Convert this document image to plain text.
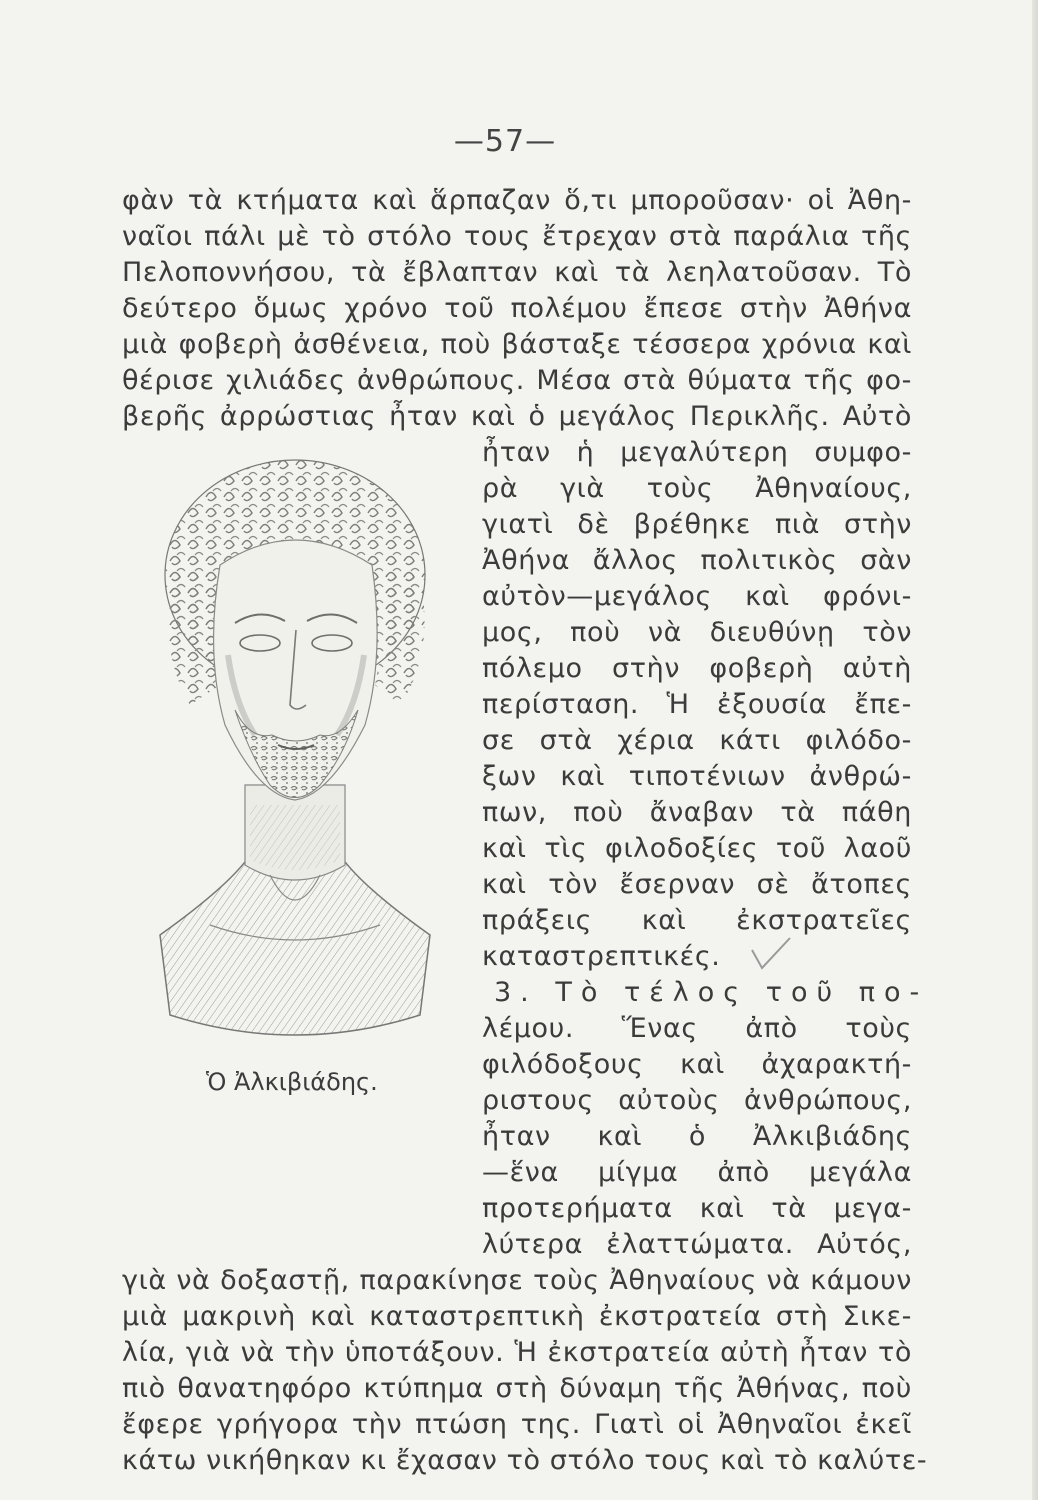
—57—
φὰν τὰ κτήματα καὶ ἅρπαζαν ὅ,τι μποροῦσαν· οἱ Ἀθη-
ναῖοι πάλι μὲ τὸ στόλο τους ἔτρεχαν στὰ παράλια τῆς
Πελοποννήσου, τὰ ἔβλαπταν καὶ τὰ λεηλατοῦσαν. Τὸ
δεύτερο ὅμως χρόνο τοῦ πολέμου ἔπεσε στὴν Ἀθήνα
μιὰ φοβερὴ ἀσθένεια, ποὺ βάσταξε τέσσερα χρόνια καὶ
θέρισε χιλιάδες ἀνθρώπους. Μέσα στὰ θύματα τῆς φο-
βερῆς ἀρρώστιας ἦταν καὶ ὁ μεγάλος Περικλῆς. Αὐτὸ
ἦταν ἡ μεγαλύτερη συμφο-
ρὰ γιὰ τοὺς Ἀθηναίους,
γιατὶ δὲ βρέθηκε πιὰ στὴν
Ἀθήνα ἄλλος πολιτικὸς σὰν
αὐτὸν—μεγάλος καὶ φρόνι-
μος, ποὺ νὰ διευθύνῃ τὸν
πόλεμο στὴν φοβερὴ αὐτὴ
περίσταση. Ἡ ἐξουσία ἔπε-
σε στὰ χέρια κάτι φιλόδο-
ξων καὶ τιποτένιων ἀνθρώ-
πων, ποὺ ἄναβαν τὰ πάθη
καὶ τὶς φιλοδοξίες τοῦ λαοῦ
καὶ τὸν ἔσερναν σὲ ἄτοπες
πράξεις καὶ ἐκστρατεῖες
καταστρεπτικές.
3. Τὸ τέλος τοῦ πο-
λέμου. Ἕνας ἀπὸ τοὺς
φιλόδοξους καὶ ἀχαρακτή-
ριστους αὐτοὺς ἀνθρώπους,
ἦταν καὶ ὁ Ἀλκιβιάδης
—ἕνα μίγμα ἀπὸ μεγάλα
προτερήματα καὶ τὰ μεγα-
λύτερα ἐλαττώματα. Αὐτός,
γιὰ νὰ δοξαστῇ, παρακίνησε τοὺς Ἀθηναίους νὰ κάμουν
μιὰ μακρινὴ καὶ καταστρεπτικὴ ἐκστρατεία στὴ Σικε-
λία, γιὰ νὰ τὴν ὑποτάξουν. Ἡ ἐκστρατεία αὐτὴ ἦταν τὸ
πιὸ θανατηφόρο κτύπημα στὴ δύναμη τῆς Ἀθήνας, ποὺ
ἔφερε γρήγορα τὴν πτώση της. Γιατὶ οἱ Ἀθηναῖοι ἐκεῖ
κάτω νικήθηκαν κι ἔχασαν τὸ στόλο τους καὶ τὸ καλύτε-
Ὁ Ἀλκιβιάδης.
